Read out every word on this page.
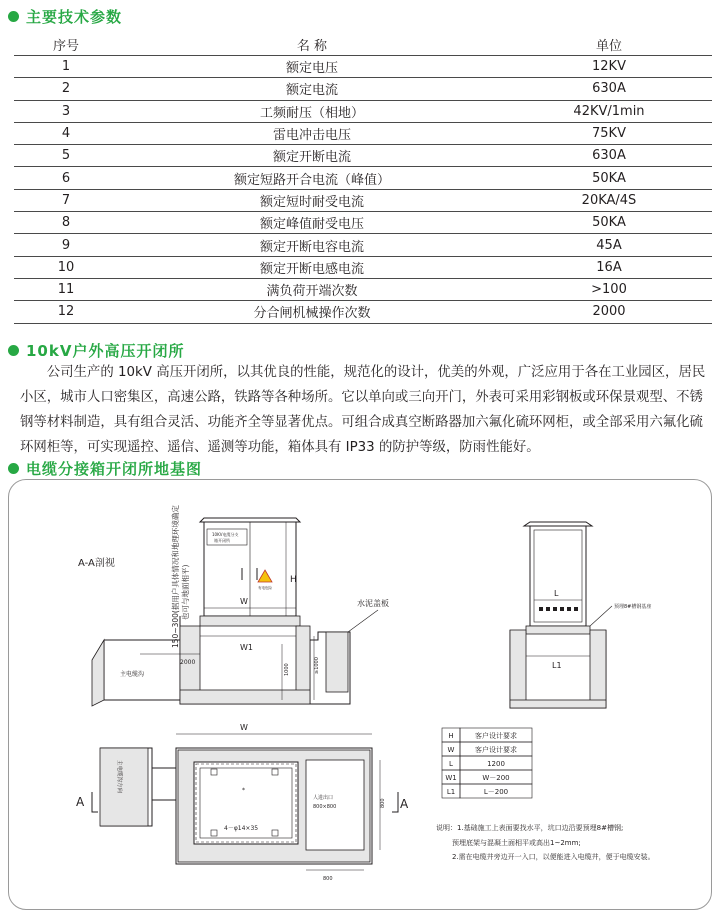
主要技术参数
序号	名 称	单位
1	额定电压	12KV
2	额定电流	630A
3	工频耐压（相地）	42KV/1min
4	雷电冲击电压	75KV
5	额定开断电流	630A
6	额定短路开合电流（峰值）	50KA
7	额定短时耐受电流	20KA/4S
8	额定峰值耐受电压	50KA
9	额定开断电容电流	45A
10	额定开断电感电流	16A
11	满负荷开端次数	>100
12	分合闸机械操作次数	2000
10kV户外高压开闭所

公司生产的 10kV 高压开闭所，以其优良的性能，规范化的设计，优美的外观，广泛应用于各在工业园区，居民小区，城市人口密集区，高速公路，铁路等各种场所。它以单向或三向开门，外表可采用彩钢板或环保景观型、不锈钢等材料制造，具有组合灵活、功能齐全等显著优点。可组合成真空断路器加六氟化硫环网柜，或全部采用六氟化硫环网柜等，可实现遥控、遥信、遥测等功能，箱体具有 IP33 的防护等级，防雨性能好。

电缆分接箱开闭所地基图
A-A剖视	150~300(据用户具体情况和地理环境确定 也可与地面相平)
10KV电缆分支
箱开闭所
有电危险
H
W
W1
水泥盖板
≥1000
1000
主电缆沟
2000
主电缆沟方向	*
4－φ14×35
人进出口
800×800
W
800
800
A	A
L
L1
预埋8#槽钢基座
H	客户设计要求
W	客户设计要求
L	1200
W1	W－200
L1	L－200
说明：1.基础施工上表面要找水平，坑口边沿要预埋8#槽钢;
预埋底架与混凝土面相平或高出1~2mm;
2.需在电缆井旁边开一入口，以便能进入电缆井，便于电缆安装。
